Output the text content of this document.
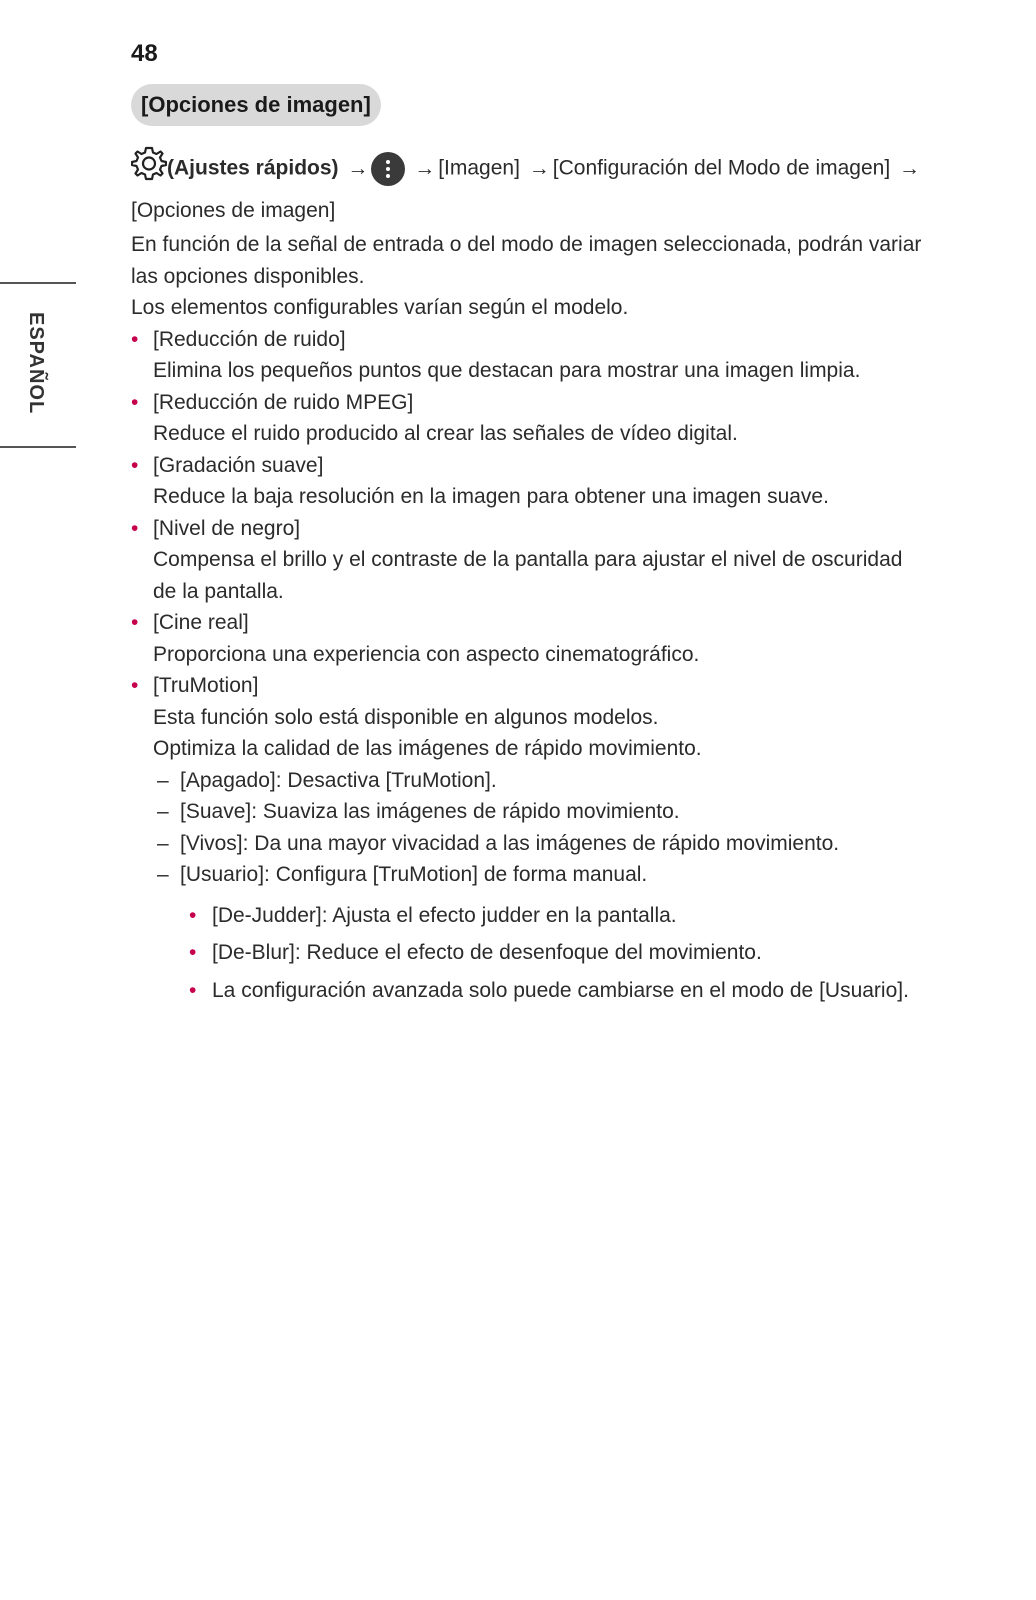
48
[Opciones de imagen]
ESPAÑOL
(Ajustes rápidos) → → [Imagen] → [Configuración del Modo de imagen] →
[Opciones de imagen]

En función de la señal de entrada o del modo de imagen seleccionada, podrán variar las opciones disponibles.

Los elementos configurables varían según el modelo.

• [Reducción de ruido]
Elimina los pequeños puntos que destacan para mostrar una imagen limpia.
• [Reducción de ruido MPEG]
Reduce el ruido producido al crear las señales de vídeo digital.
• [Gradación suave]
Reduce la baja resolución en la imagen para obtener una imagen suave.
• [Nivel de negro]
Compensa el brillo y el contraste de la pantalla para ajustar el nivel de oscuridad de la pantalla.
• [Cine real]
Proporciona una experiencia con aspecto cinematográfico.
• [TruMotion]
Esta función solo está disponible en algunos modelos.
Optimiza la calidad de las imágenes de rápido movimiento.
– [Apagado]: Desactiva [TruMotion].
– [Suave]: Suaviza las imágenes de rápido movimiento.
– [Vivos]: Da una mayor vivacidad a las imágenes de rápido movimiento.
– [Usuario]: Configura [TruMotion] de forma manual.
• [De-Judder]: Ajusta el efecto judder en la pantalla.
• [De-Blur]: Reduce el efecto de desenfoque del movimiento.
• La configuración avanzada solo puede cambiarse en el modo de [Usuario].
